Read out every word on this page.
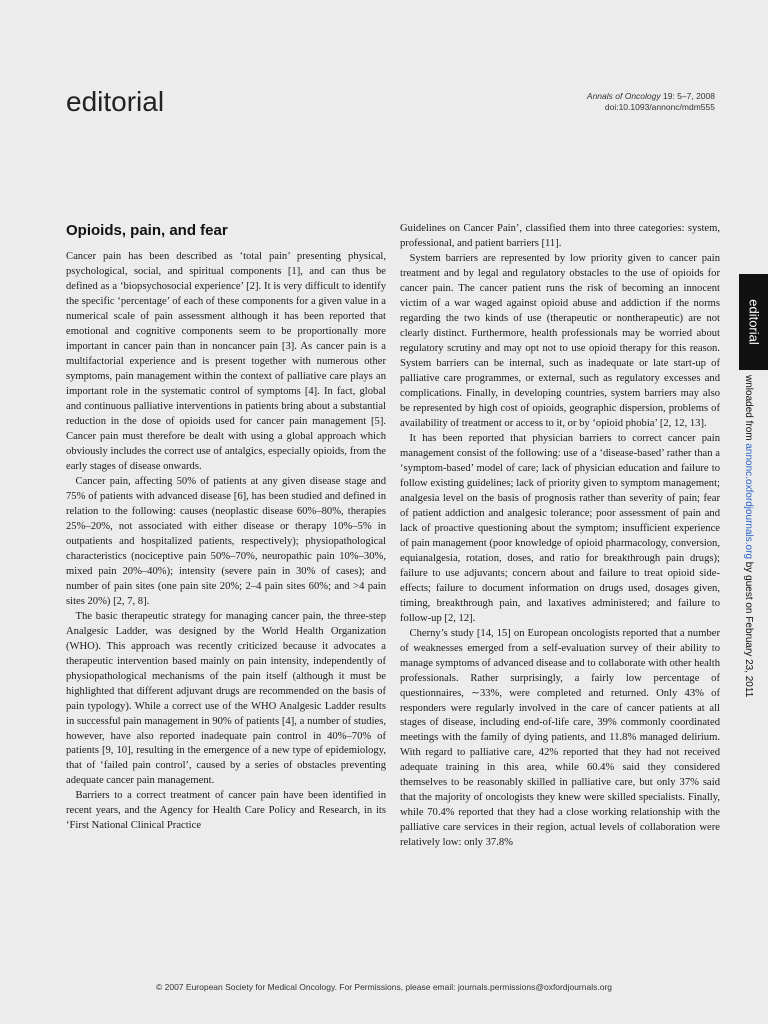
editorial	Annals of Oncology 19: 5–7, 2008
doi:10.1093/annonc/mdm555
Opioids, pain, and fear

Cancer pain has been described as ‘total pain’ presenting physical, psychological, social, and spiritual components [1], and can thus be defined as a ‘biopsychosocial experience’ [2]. It is very difficult to identify the specific ‘percentage’ of each of these components for a given value in a numerical scale of pain assessment although it has been reported that emotional and cognitive components seem to be proportionally more important in cancer pain than in noncancer pain [3]. As cancer pain is a multifactorial experience and is present together with numerous other symptoms, pain management within the context of palliative care plays an important role in the systematic control of symptoms [4]. In fact, global and continuous palliative interventions in patients bring about a substantial reduction in the dose of opioids used for cancer pain management [5]. Cancer pain must therefore be dealt with using a global approach which obviously includes the correct use of antalgics, especially opioids, from the early stages of disease onwards.

Cancer pain, affecting 50% of patients at any given disease stage and 75% of patients with advanced disease [6], has been studied and defined in relation to the following: causes (neoplastic disease 60%–80%, therapies 25%–20%, not associated with either disease or therapy 10%–5% in outpatients and hospitalized patients, respectively); physiopathological characteristics (nociceptive pain 50%–70%, neuropathic pain 10%–30%, mixed pain 20%–40%); intensity (severe pain in 30% of cases); and number of pain sites (one pain site 20%; 2–4 pain sites 60%; and >4 pain sites 20%) [2, 7, 8].

The basic therapeutic strategy for managing cancer pain, the three-step Analgesic Ladder, was designed by the World Health Organization (WHO). This approach was recently criticized because it advocates a therapeutic intervention based mainly on pain intensity, independently of physiopathological mechanisms of the pain itself (although it must be highlighted that different adjuvant drugs are recommended on the basis of pain typology). While a correct use of the WHO Analgesic Ladder results in successful pain management in 90% of patients [4], a number of studies, however, have also reported inadequate pain control in 40%–70% of patients [9, 10], resulting in the emergence of a new type of epidemiology, that of ‘failed pain control’, caused by a series of obstacles preventing adequate cancer pain management.

Barriers to a correct treatment of cancer pain have been identified in recent years, and the Agency for Health Care Policy and Research, in its ‘First National Clinical Practice

Guidelines on Cancer Pain’, classified them into three categories: system, professional, and patient barriers [11].

System barriers are represented by low priority given to cancer pain treatment and by legal and regulatory obstacles to the use of opioids for cancer pain. The cancer patient runs the risk of becoming an innocent victim of a war waged against opioid abuse and addiction if the norms regarding the two kinds of use (therapeutic or nontherapeutic) are not clearly distinct. Furthermore, health professionals may be worried about regulatory scrutiny and may opt not to use opioid therapy for this reason. System barriers can be internal, such as inadequate or late start-up of palliative care programmes, or external, such as regulatory excesses and complications. Finally, in developing countries, system barriers may also be represented by high cost of opioids, geographic dispersion, problems of availability of treatment or access to it, or by ‘opioid phobia’ [2, 12, 13].

It has been reported that physician barriers to correct cancer pain management consist of the following: use of a ‘disease-based’ rather than a ‘symptom-based’ model of care; lack of physician education and failure to follow existing guidelines; lack of priority given to symptom management; analgesia level on the basis of prognosis rather than severity of pain; fear of patient addiction and analgesic tolerance; poor assessment of pain and lack of proactive questioning about the symptom; insufficient experience of pain management (poor knowledge of opioid pharmacology, conversion, equianalgesia, rotation, doses, and ratio for breakthrough pain drugs); failure to use adjuvants; concern about and failure to treat opioid side-effects; failure to document information on drugs used, dosages given, timing, breakthrough pain, and laxatives administered; and failure to follow-up [2, 12].

Cherny’s study [14, 15] on European oncologists reported that a number of weaknesses emerged from a self-evaluation survey of their ability to manage symptoms of advanced disease and to collaborate with other health professionals. Rather surprisingly, a fairly low percentage of questionnaires, ∼33%, were completed and returned. Only 43% of responders were regularly involved in the care of cancer patients at all stages of disease, including end-of-life care, 39% commonly coordinated meetings with the family of dying patients, and 11.8% managed delirium. With regard to palliative care, 42% reported that they had not received adequate training in this area, while 60.4% said they considered themselves to be reasonably skilled in palliative care, but only 37% said that the majority of oncologists they knew were skilled specialists. Finally, while 70.4% reported that they had a close working relationship with the palliative care services in their region, actual levels of collaboration were relatively low: only 37.8%

editorial
wnloaded from annonc.oxfordjournals.org by guest on February 23, 2011
© 2007 European Society for Medical Oncology. For Permissions, please email: journals.permissions@oxfordjournals.org
